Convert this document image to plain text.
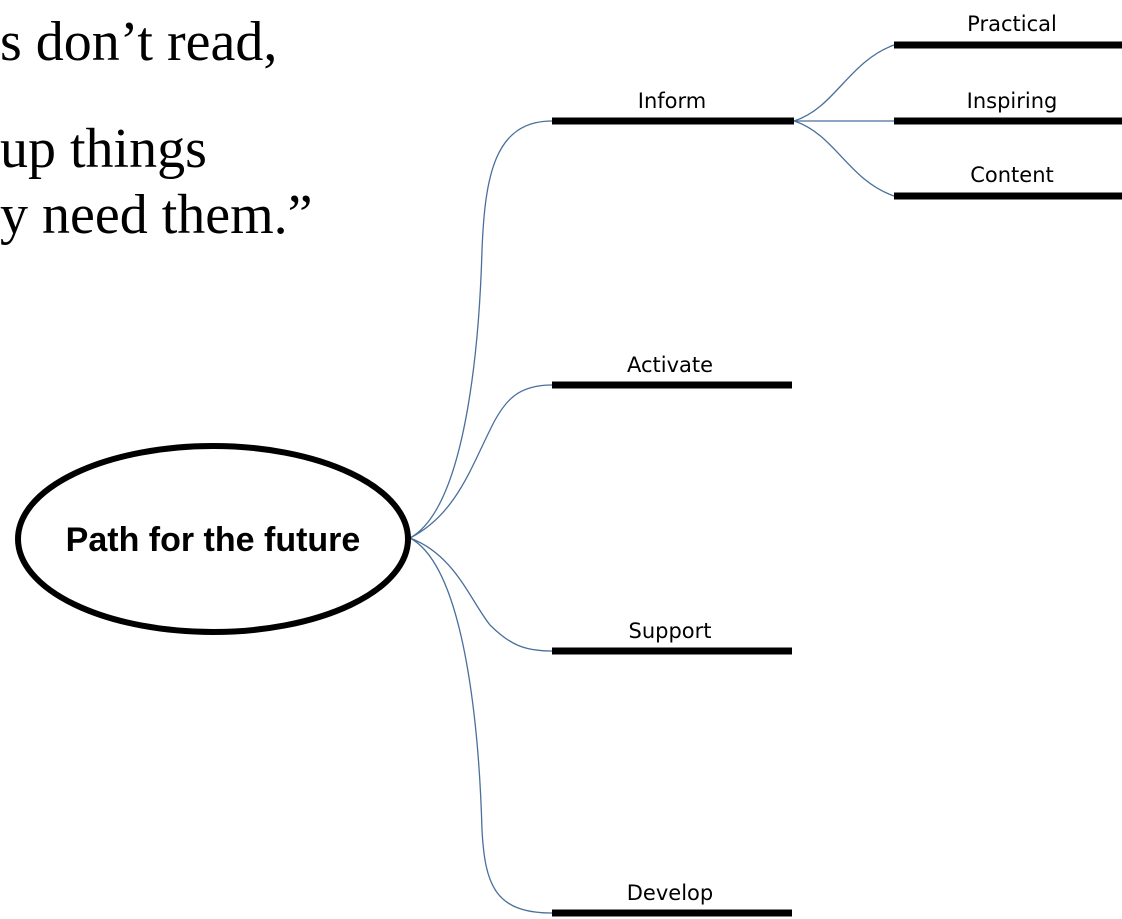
s don’t read,
up things
y need them.”
Inform
Activate
Support
Develop
Practical
Inspiring
Content
Path for the future
